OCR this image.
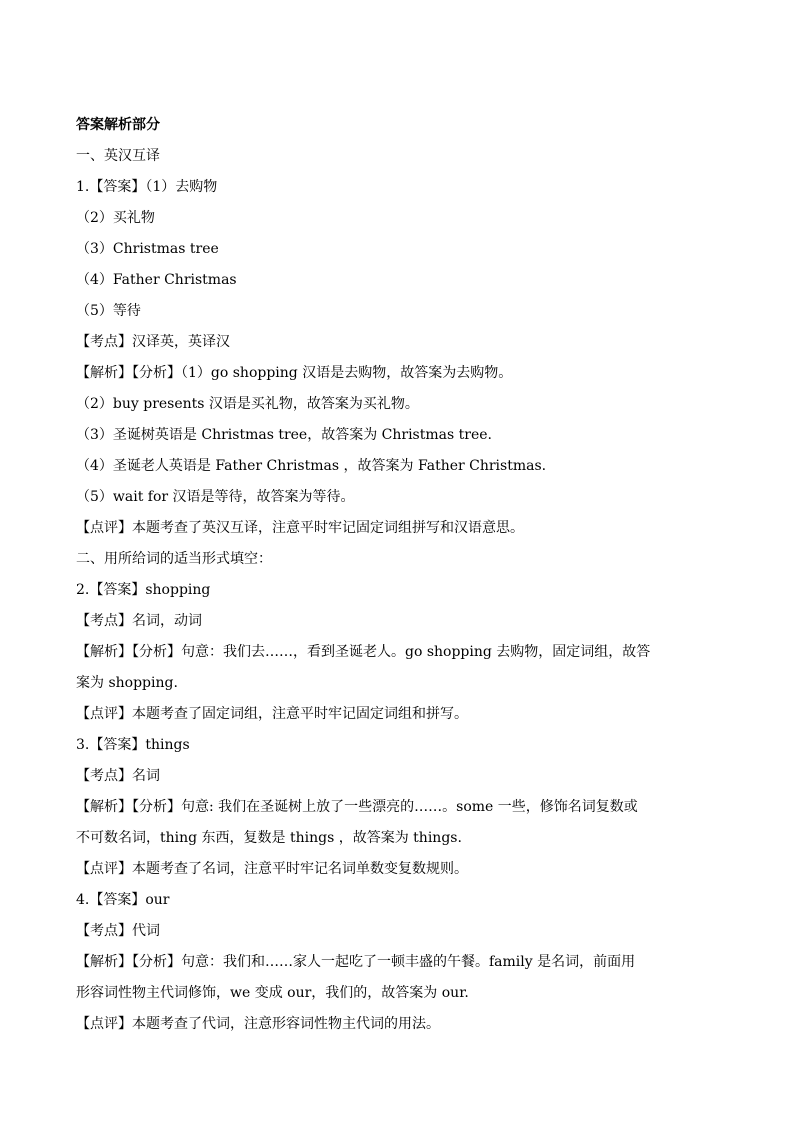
答案解析部分
一、英汉互译
1.【答案】（1）去购物
（2）买礼物
（3）Christmas tree
（4）Father Christmas
（5）等待
【考点】汉译英，英译汉
【解析】【分析】（1）go shopping 汉语是去购物，故答案为去购物。
（2）buy presents 汉语是买礼物，故答案为买礼物。
（3）圣诞树英语是 Christmas tree，故答案为 Christmas tree.
（4）圣诞老人英语是 Father Christmas ，故答案为 Father Christmas.
（5）wait for 汉语是等待，故答案为等待。
【点评】本题考查了英汉互译，注意平时牢记固定词组拼写和汉语意思。
二、用所给词的适当形式填空：
2.【答案】shopping
【考点】名词，动词
【解析】【分析】句意：我们去……，看到圣诞老人。go shopping 去购物，固定词组，故答
案为 shopping.
【点评】本题考查了固定词组，注意平时牢记固定词组和拼写。
3.【答案】things
【考点】名词
【解析】【分析】句意: 我们在圣诞树上放了一些漂亮的……。some 一些，修饰名词复数或
不可数名词，thing 东西，复数是 things ，故答案为 things.
【点评】本题考查了名词，注意平时牢记名词单数变复数规则。
4.【答案】our
【考点】代词
【解析】【分析】句意：我们和……家人一起吃了一顿丰盛的午餐。family 是名词，前面用
形容词性物主代词修饰，we 变成 our，我们的，故答案为 our.
【点评】本题考查了代词，注意形容词性物主代词的用法。
